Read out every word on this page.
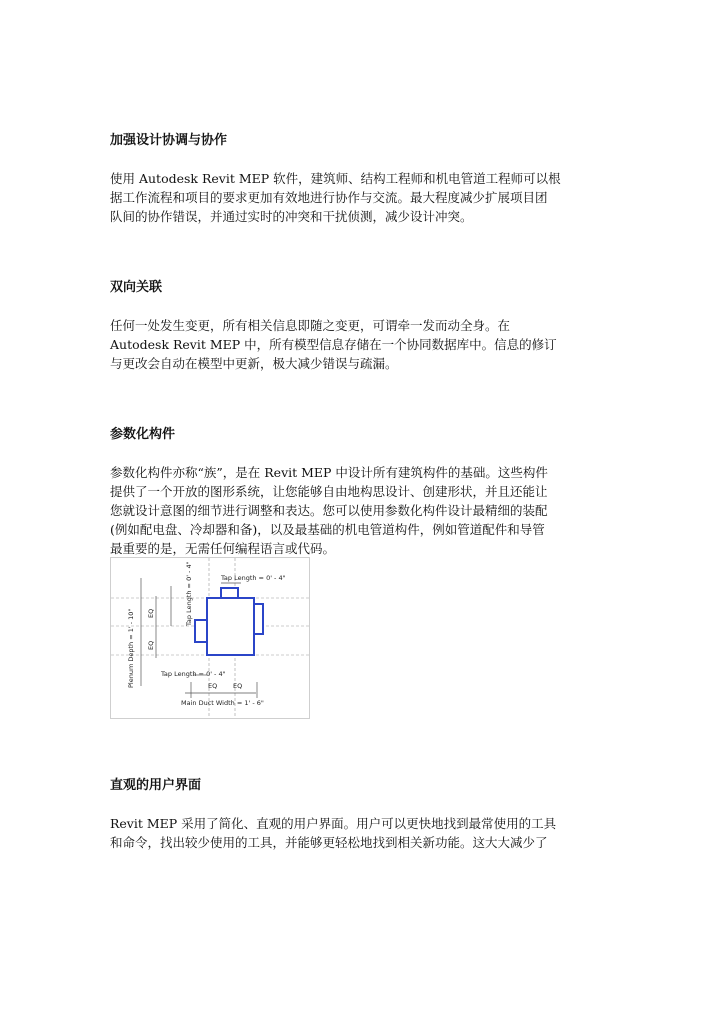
加强设计协调与协作

使用 Autodesk Revit MEP 软件，建筑师、结构工程师和机电管道工程师可以根
据工作流程和项目的要求更加有效地进行协作与交流。最大程度减少扩展项目团
队间的协作错误，并通过实时的冲突和干扰侦测，减少设计冲突。

双向关联

任何一处发生变更，所有相关信息即随之变更，可谓牵一发而动全身。在
Autodesk Revit MEP 中，所有模型信息存储在一个协同数据库中。信息的修订
与更改会自动在模型中更新，极大减少错误与疏漏。

参数化构件

参数化构件亦称“族”，是在 Revit MEP 中设计所有建筑构件的基础。这些构件
提供了一个开放的图形系统，让您能够自由地构思设计、创建形状，并且还能让
您就设计意图的细节进行调整和表达。您可以使用参数化构件设计最精细的装配
(例如配电盘、冷却器和备)，以及最基础的机电管道构件，例如管道配件和导管
最重要的是，无需任何编程语言或代码。

Tap Length = 0' - 4"
Tap Length = 0' - 4"
Plenum Depth = 1' - 10" EQ
EQ
Tap Length = 0' - 4"
EQ EQ
Main Duct Width = 1' - 6"
直观的用户界面

Revit MEP 采用了简化、直观的用户界面。用户可以更快地找到最常使用的工具
和命令，找出较少使用的工具，并能够更轻松地找到相关新功能。这大大减少了
